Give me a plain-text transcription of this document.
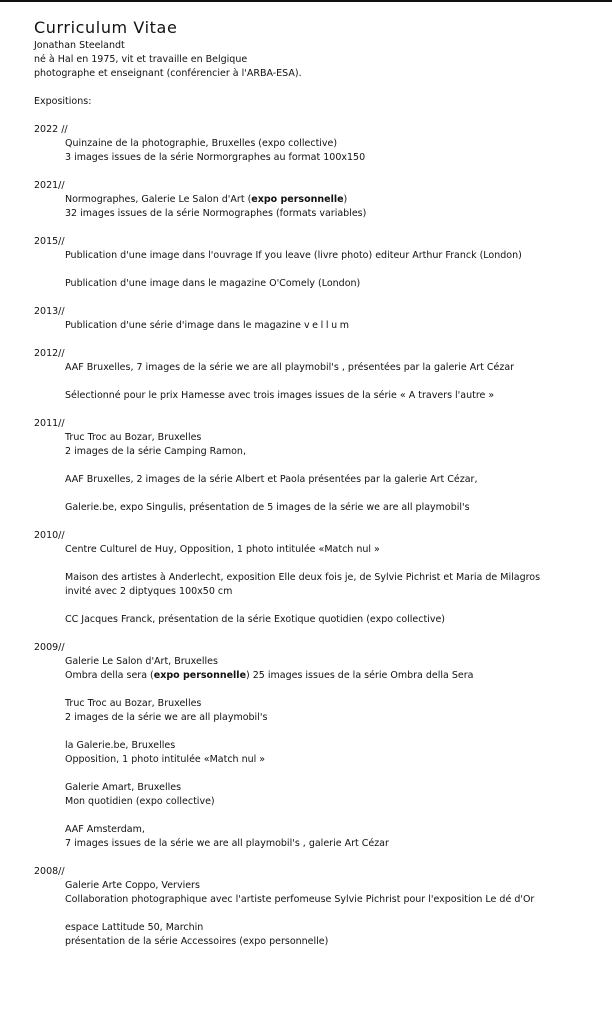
Curriculum Vitae

Jonathan Steelandt

né à Hal en 1975, vit et travaille en Belgique

photographe et enseignant (conférencier à l'ARBA-ESA).

Expositions:

2022 //

Quinzaine de la photographie, Bruxelles (expo collective)

3 images issues de la série Normorgraphes au format 100x150

2021//

Normographes, Galerie Le Salon d'Art (expo personnelle)

32 images issues de la série Normographes (formats variables)

2015//

Publication d'une image dans l'ouvrage If you leave (livre photo) editeur Arthur Franck (London)

Publication d'une image dans le magazine O'Comely (London)

2013//

Publication d'une série d'image dans le magazine vellum

2012//

AAF Bruxelles, 7 images de la série we are all playmobil's , présentées par la galerie Art Cézar

Sélectionné pour le prix Hamesse avec trois images issues de la série « A travers l'autre »

2011//

Truc Troc au Bozar, Bruxelles

2 images de la série Camping Ramon,

AAF Bruxelles, 2 images de la série Albert et Paola présentées par la galerie Art Cézar,

Galerie.be, expo Singulis, présentation de 5 images de la série we are all playmobil's

2010//

Centre Culturel de Huy, Opposition, 1 photo intitulée «Match nul »

Maison des artistes à Anderlecht, exposition Elle deux fois je, de Sylvie Pichrist et Maria de Milagros

invité avec 2 diptyques 100x50 cm

CC Jacques Franck, présentation de la série Exotique quotidien (expo collective)

2009//

Galerie Le Salon d'Art, Bruxelles

Ombra della sera (expo personnelle) 25 images issues de la série Ombra della Sera

Truc Troc au Bozar, Bruxelles

2 images de la série we are all playmobil's

la Galerie.be, Bruxelles

Opposition, 1 photo intitulée «Match nul »

Galerie Amart, Bruxelles

Mon quotidien (expo collective)

AAF Amsterdam,

7 images issues de la série we are all playmobil's , galerie Art Cézar

2008//

Galerie Arte Coppo, Verviers

Collaboration photographique avec l'artiste perfomeuse Sylvie Pichrist pour l'exposition Le dé d'Or

espace Lattitude 50, Marchin

présentation de la série Accessoires (expo personnelle)
